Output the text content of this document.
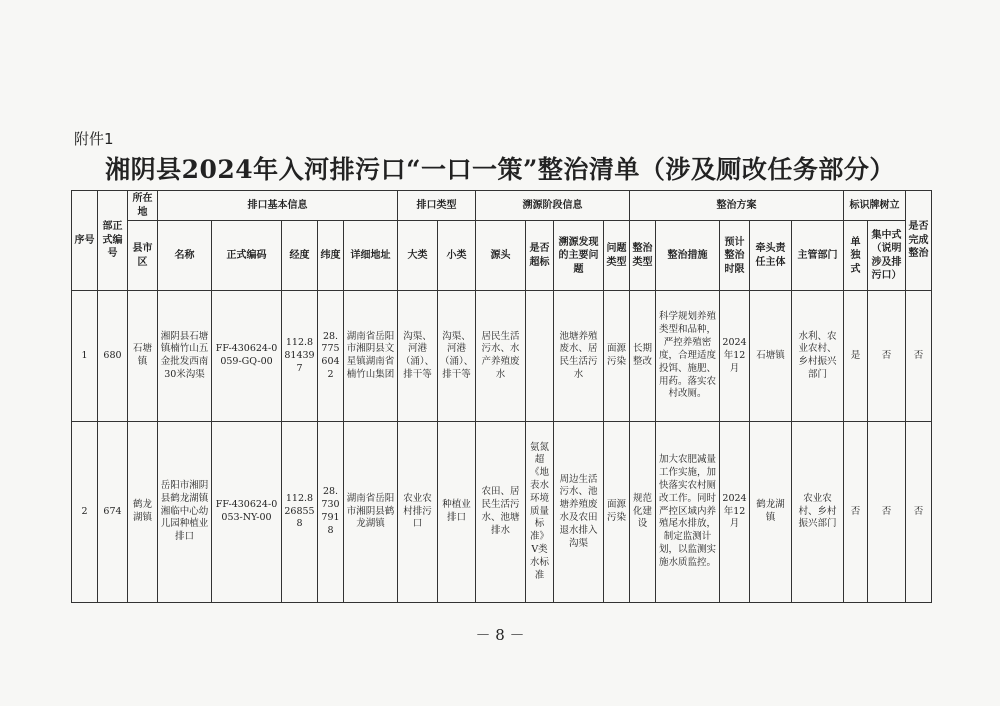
附件1
湘阴县2024年入河排污口“一口一策”整治清单（涉及厕改任务部分）
序号	部正式编号	所在地	排口基本信息					排口类型		溯源阶段信息				整治方案					标识牌树立		是否完成整治
		县市区	名称	正式编码	经度	纬度	详细地址	大类	小类	源头	是否超标	溯源发现的主要问题	问题类型	整治类型	整治措施	预计整治时限	牵头责任主体	主管部门	单独式	集中式（说明涉及排污口）	
1	680	石塘镇	湘阴县石塘镇楠竹山五金批发西南30米沟渠	FF-430624-0059-GQ-00	112.8814397	28.7756042	湖南省岳阳市湘阴县文星镇湖南省楠竹山集团	沟渠、河港（涌）、排干等	沟渠、河港（涌）、排干等	居民生活污水、水产养殖废水		池塘养殖废水、居民生活污水	面源污染	长期整改	科学规划养殖类型和品种，严控养殖密度，合理适度投饵、施肥、用药。落实农村改厕。	2024年12月	石塘镇	水利、农业农村、乡村振兴部门	是	否	否
2	674	鹤龙湖镇	岳阳市湘阴县鹤龙湖镇湘临中心幼儿园种植业排口	FF-430624-0053-NY-00	112.8268558	28.7307918	湖南省岳阳市湘阴县鹤龙湖镇	农业农村排污口	种植业排口	农田、居民生活污水、池塘排水	氨氮超《地表水环境质量标准》V类水标准	周边生活污水、池塘养殖废水及农田退水排入沟渠	面源污染	规范化建设	加大农肥减量工作实施，加快落实农村厕改工作。同时严控区域内养殖尾水排放，制定监测计划，以监测实施水质监控。	2024年12月	鹤龙湖镇	农业农村、乡村振兴部门	否	否	否
－ 8 －
